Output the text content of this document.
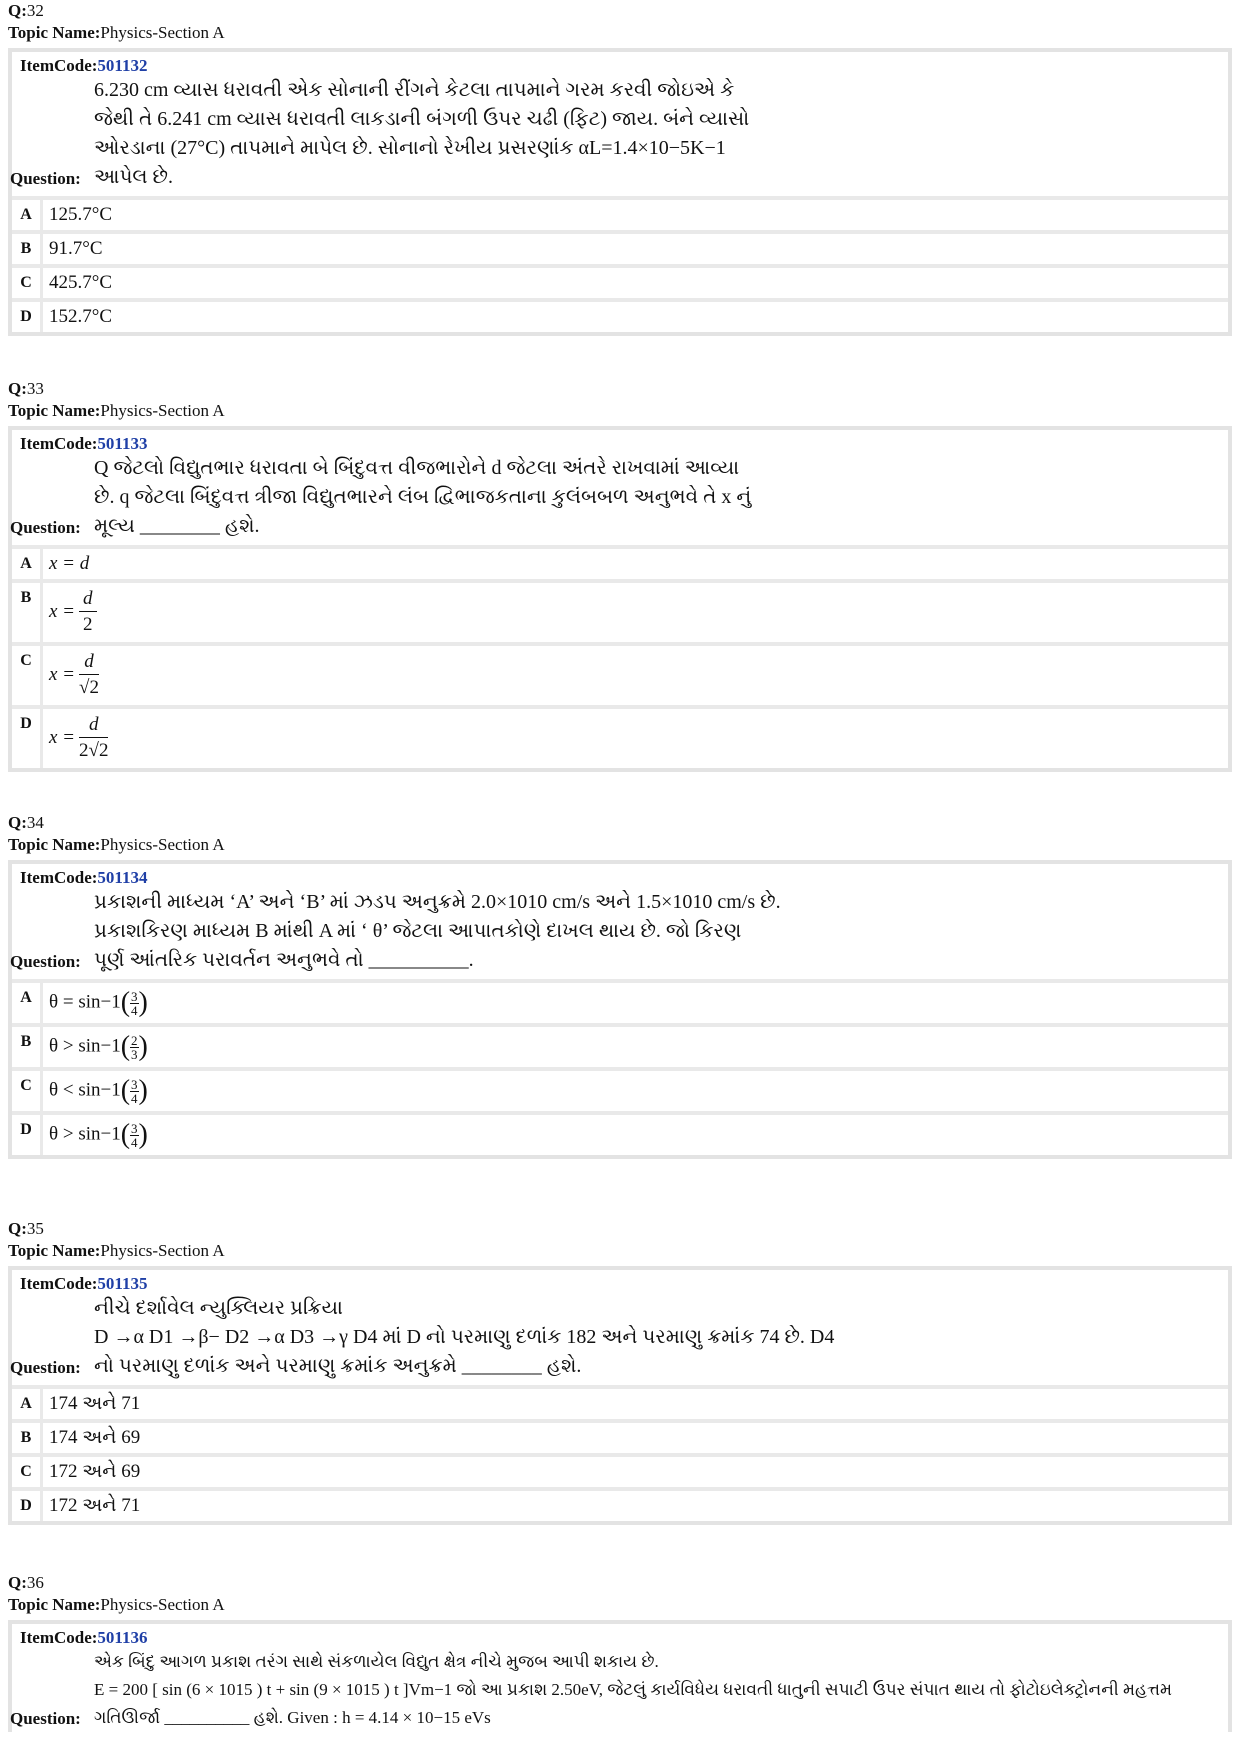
Q:32
Topic Name:Physics-Section A
ItemCode:501132
6.230 cm વ્યાસ ધરાવતી એક સોનાની રીંગને કેટલા તાપમાને ગરમ કરવી જોઇએ કે
જેથી તે 6.241 cm વ્યાસ ધરાવતી લાકડાની બંગળી ઉપર ચઢી (ફિટ) જાય. બંને વ્યાસો
ઓરડાના (27°C) તાપમાને માપેલ છે. સોનાનો રેખીય પ્રસરણાંક αL=1.4×10−5K−1
Question: આપેલ છે.
A	125.7°C
B	91.7°C
C	425.7°C
D	152.7°C
Q:33
Topic Name:Physics-Section A
ItemCode:501133
Q જેટલો વિદ્યુતભાર ધરાવતા બે બિંદુવત્ત વીજભારોને d જેટલા અંતરે રાખવામાં આવ્યા
છે. q જેટલા બિંદુવત્ત ત્રીજા વિદ્યુતભારને લંબ દ્વિભાજકતાના કુલંબબળ અનુભવે તે x નું
Question: મૂલ્ય ________ હશે.
A	x = d
B	$x = \frac{d}{2}$

C	$x = \frac{d}{√2}$

D	$x = \frac{d}{2√2}$
Q:34
Topic Name:Physics-Section A
ItemCode:501134
પ્રકાશની માધ્યમ ‘A’ અને ‘B’ માં ઝડપ અનુક્રમે 2.0×1010 cm/s અને 1.5×1010 cm/s છે.
પ્રકાશકિરણ માધ્યમ B માંથી A માં ‘ θ’ જેટલા આપાતકોણે દાખલ થાય છે. જો કિરણ
Question: પૂર્ણ આંતરિક પરાવર્તન અનુભવે તો __________.
A	$\theta = \sin-1( \frac{3}{4})$
B	$\theta > \sin-1( \frac{2}{3})$
C	$\theta < \sin-1( \frac{3}{4})$
D	$\theta > \sin-1( \frac{3}{4})$
Q:35
Topic Name:Physics-Section A
ItemCode:501135
નીચે દર્શાવેલ ન્યુક્લિયર પ્રક્રિયા
D →α D1 →β− D2 →α D3 →γ D4 માં D નો પરમાણુ દળાંક 182 અને પરમાણુ ક્રમાંક 74 છે. D4
Question: નો પરમાણુ દળાંક અને પરમાણુ ક્રમાંક અનુક્રમે ________ હશે.
A	174 અને 71
B	174 અને 69
C	172 અને 69
D	172 અને 71
Q:36
Topic Name:Physics-Section A
ItemCode:501136
એક બિંદુ આગળ પ્રકાશ તરંગ સાથે સંકળાયેલ વિદ્યુત ક્ષેત્ર નીચે મુજબ આપી શકાય છે.
E = 200 [ sin (6 × 1015 ) t + sin (9 × 1015 ) t ]Vm−1 જો આ પ્રકાશ 2.50eV, જેટલું કાર્યવિધેય ધરાવતી ધાતુની સપાટી ઉપર સંપાત થાય તો ફોટોઇલેક્ટ્રોનની મહત્તમ
Question: ગતિઊર્જા __________ હશે. Given : h = 4.14 × 10−15 eVs
